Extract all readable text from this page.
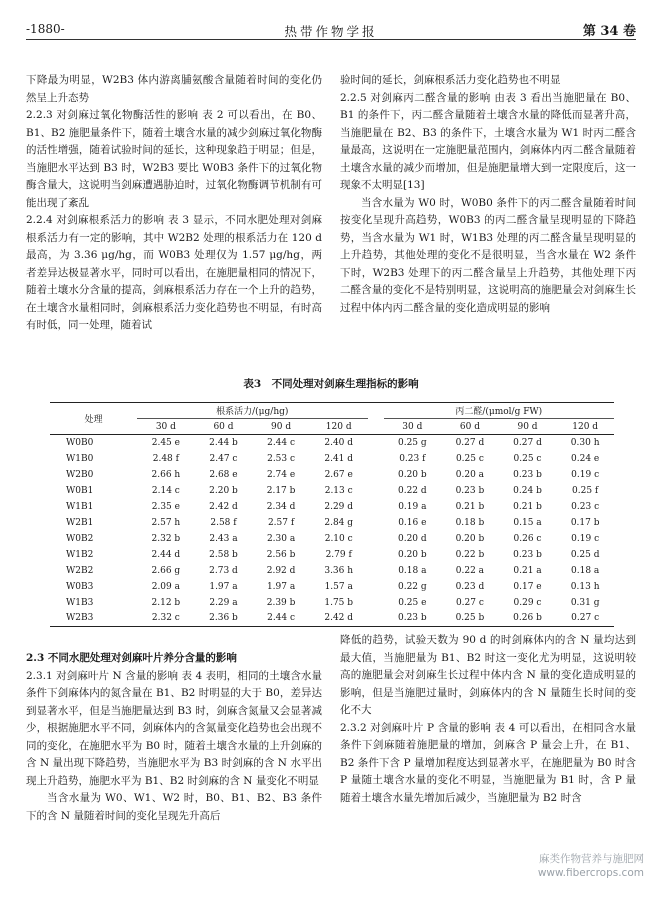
-1880-	热带作物学报	第 34 卷

下降最为明显，W2B3 体内游离脯氨酸含量随着时间的变化仍然呈上升态势

2.2.3 对剑麻过氧化物酶活性的影响 表 2 可以看出，在 B0、B1、B2 施肥量条件下，随着土壤含水量的减少剑麻过氧化物酶的活性增强，随着试验时间的延长，这种现象趋于明显；但是，当施肥水平达到 B3 时，W2B3 要比 W0B3 条件下的过氧化物酶含量大，这说明当剑麻遭遇胁迫时，过氧化物酶调节机制有可能出现了紊乱

2.2.4 对剑麻根系活力的影响 表 3 显示，不同水肥处理对剑麻根系活力有一定的影响，其中 W2B2 处理的根系活力在 120 d 最高，为 3.36 μg/hg，而 W0B3 处理仅为 1.57 μg/hg，两者差异达极显著水平，同时可以看出，在施肥量相同的情况下，随着土壤水分含量的提高，剑麻根系活力存在一个上升的趋势，在土壤含水量相同时，剑麻根系活力变化趋势也不明显，有时高有时低，同一处理，随着试

验时间的延长，剑麻根系活力变化趋势也不明显

2.2.5 对剑麻丙二醛含量的影响 由表 3 看出当施肥量在 B0、B1 的条件下，丙二醛含量随着土壤含水量的降低而显著升高，当施肥量在 B2、B3 的条件下，土壤含水量为 W1 时丙二醛含量最高，这说明在一定施肥量范围内，剑麻体内丙二醛含量随着土壤含水量的减少而增加，但是施肥量增大到一定限度后，这一现象不太明显[13]

当含水量为 W0 时，W0B0 条件下的丙二醛含量随着时间按变化呈现升高趋势，W0B3 的丙二醛含量呈现明显的下降趋势，当含水量为 W1 时，W1B3 处理的丙二醛含量呈现明显的上升趋势，其他处理的变化不是很明显，当含水量在 W2 条件下时，W2B3 处理下的丙二醛含量呈上升趋势，其他处理下丙二醛含量的变化不是特别明显，这说明高的施肥量会对剑麻生长过程中体内丙二醛含量的变化造成明显的影响

表3　不同处理对剑麻生理指标的影响
处理	根系活力/(μg/hg)					丙二醛/(μmol/g FW)			
	30 d	60 d	90 d	120 d		30 d	60 d	90 d	120 d
W0B0	2.45 e	2.44 b	2.44 c	2.40 d		0.25 g	0.27 d	0.27 d	0.30 h
W1B0	2.48 f	2.47 c	2.53 c	2.41 d		0.23 f	0.25 c	0.25 c	0.24 e
W2B0	2.66 h	2.68 e	2.74 e	2.67 e		0.20 b	0.20 a	0.23 b	0.19 c
W0B1	2.14 c	2.20 b	2.17 b	2.13 c		0.22 d	0.23 b	0.24 b	0.25 f
W1B1	2.35 e	2.42 d	2.34 d	2.29 d		0.19 a	0.21 b	0.21 b	0.23 c
W2B1	2.57 h	2.58 f	2.57 f	2.84 g		0.16 e	0.18 b	0.15 a	0.17 b
W0B2	2.32 b	2.43 a	2.30 a	2.10 c		0.20 d	0.20 b	0.26 c	0.19 c
W1B2	2.44 d	2.58 b	2.56 b	2.79 f		0.20 b	0.22 b	0.23 b	0.25 d
W2B2	2.66 g	2.73 d	2.92 d	3.36 h		0.18 a	0.22 a	0.21 a	0.18 a
W0B3	2.09 a	1.97 a	1.97 a	1.57 a		0.22 g	0.23 d	0.17 e	0.13 h
W1B3	2.12 b	2.29 a	2.39 b	1.75 b		0.25 e	0.27 c	0.29 c	0.31 g
W2B3	2.32 c	2.36 b	2.44 c	2.42 d		0.23 b	0.25 b	0.26 b	0.27 c

2.3 不同水肥处理对剑麻叶片养分含量的影响

2.3.1 对剑麻叶片 N 含量的影响 表 4 表明，相同的土壤含水量条件下剑麻体内的氮含量在 B1、B2 时明显的大于 B0，差异达到显著水平，但是当施肥量达到 B3 时，剑麻含氮量又会显著减少，根据施肥水平不同，剑麻体内的含氮量变化趋势也会出现不同的变化，在施肥水平为 B0 时，随着土壤含水量的上升剑麻的含 N 量出现下降趋势，当施肥水平为 B3 时剑麻的含 N 水平出现上升趋势，施肥水平为 B1、B2 时剑麻的含 N 量变化不明显

当含水量为 W0、W1、W2 时，B0、B1、B2、B3 条件下的含 N 量随着时间的变化呈现先升高后

降低的趋势，试验天数为 90 d 的时剑麻体内的含 N 量均达到最大值，当施肥量为 B1、B2 时这一变化尤为明显，这说明较高的施肥量会对剑麻生长过程中体内含 N 量的变化造成明显的影响，但是当施肥过量时，剑麻体内的含 N 量随生长时间的变化不大

2.3.2 对剑麻叶片 P 含量的影响 表 4 可以看出，在相同含水量条件下剑麻随着施肥量的增加，剑麻含 P 量会上升，在 B1、B2 条件下含 P 量增加程度达到显著水平，在施肥量为 B0 时含 P 量随土壤含水量的变化不明显，当施肥量为 B1 时，含 P 量随着土壤含水量先增加后减少，当施肥量为 B2 时含

麻类作物营养与施肥网
www.fibercrops.com
